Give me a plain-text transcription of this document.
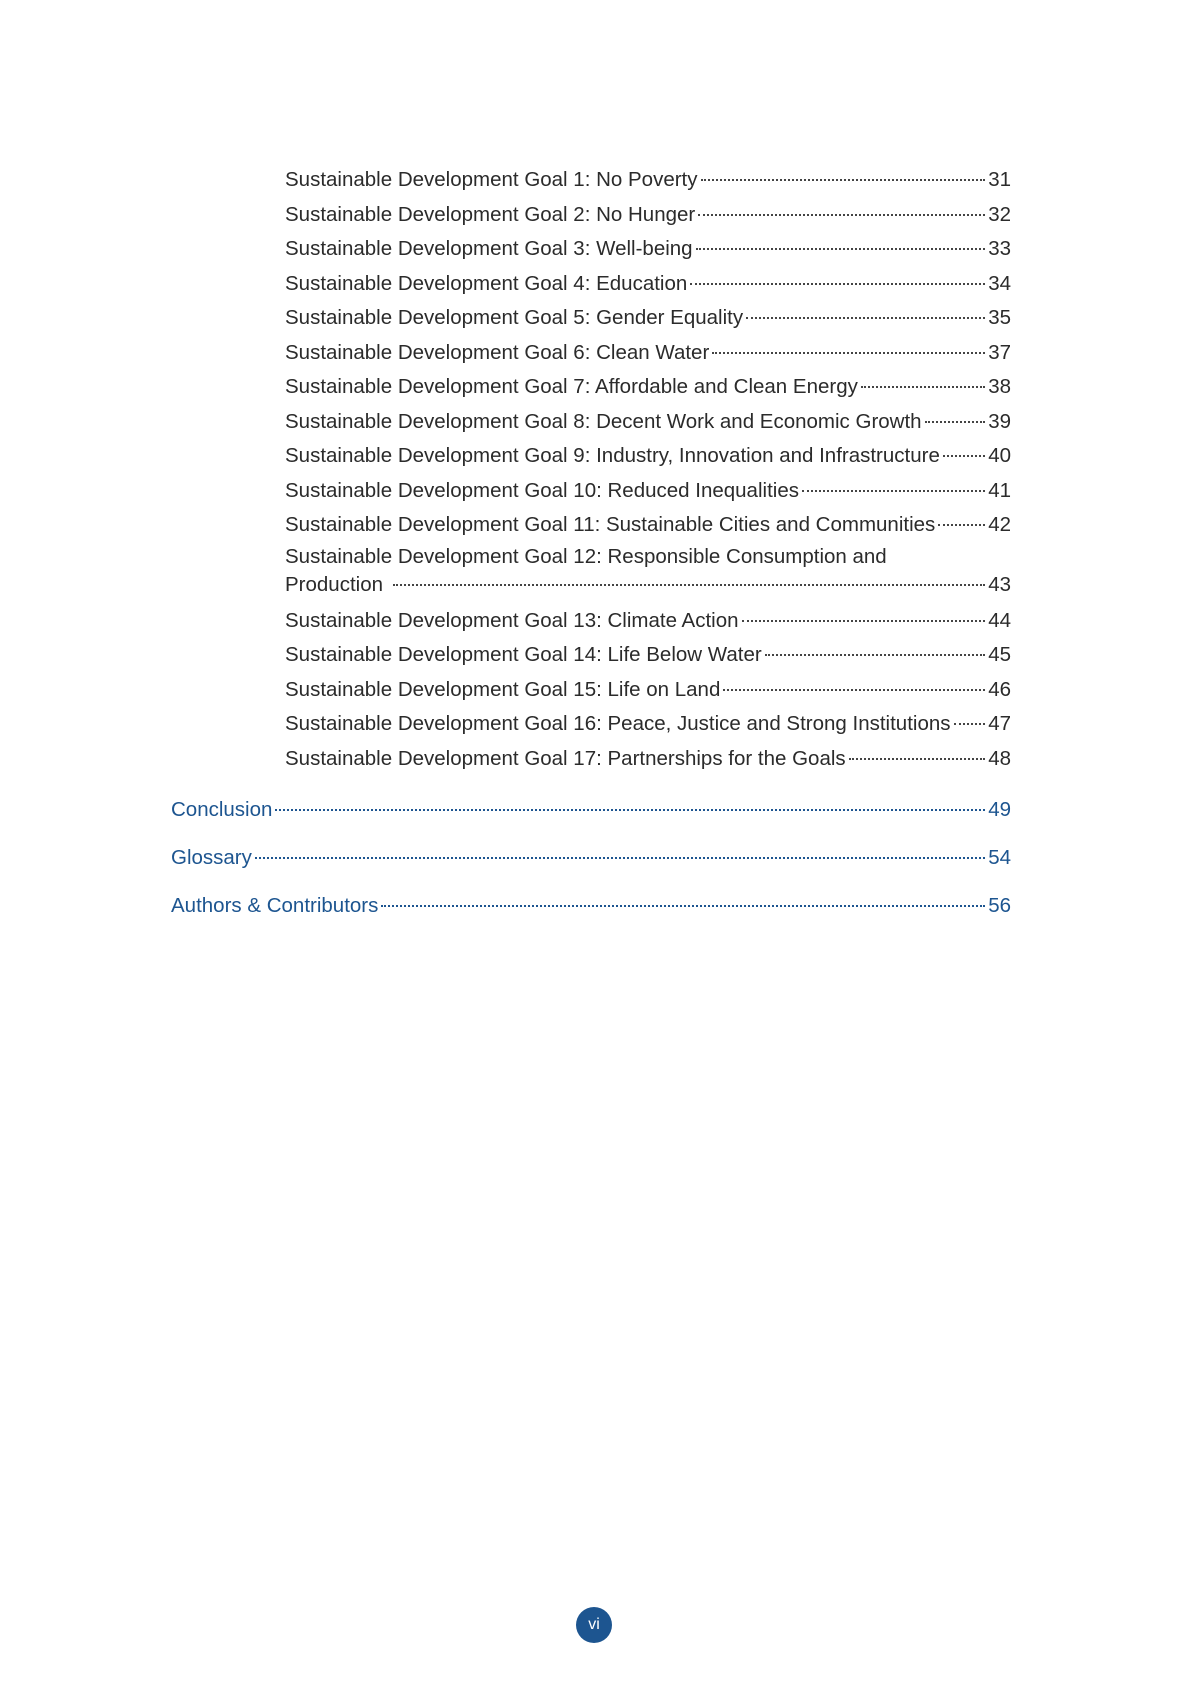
Sustainable Development Goal 1: No Poverty	31
Sustainable Development Goal 2: No Hunger	32
Sustainable Development Goal 3: Well-being	33
Sustainable Development Goal 4: Education	34
Sustainable Development Goal 5: Gender Equality	35
Sustainable Development Goal 6: Clean Water	37
Sustainable Development Goal 7: Affordable and Clean Energy	38
Sustainable Development Goal 8: Decent Work and Economic Growth	39
Sustainable Development Goal 9: Industry, Innovation and Infrastructure 40
Sustainable Development Goal 10: Reduced Inequalities	41
Sustainable Development Goal 11: Sustainable Cities and Communities	42
Sustainable Development Goal 12: Responsible Consumption and
Production	43
Sustainable Development Goal 13: Climate Action	44
Sustainable Development Goal 14: Life Below Water	45
Sustainable Development Goal 15: Life on Land	46
Sustainable Development Goal 16: Peace, Justice and Strong Institutions 47
Sustainable Development Goal 17: Partnerships for the Goals	48
Conclusion	49
Glossary	54
Authors & Contributors	56
vi
